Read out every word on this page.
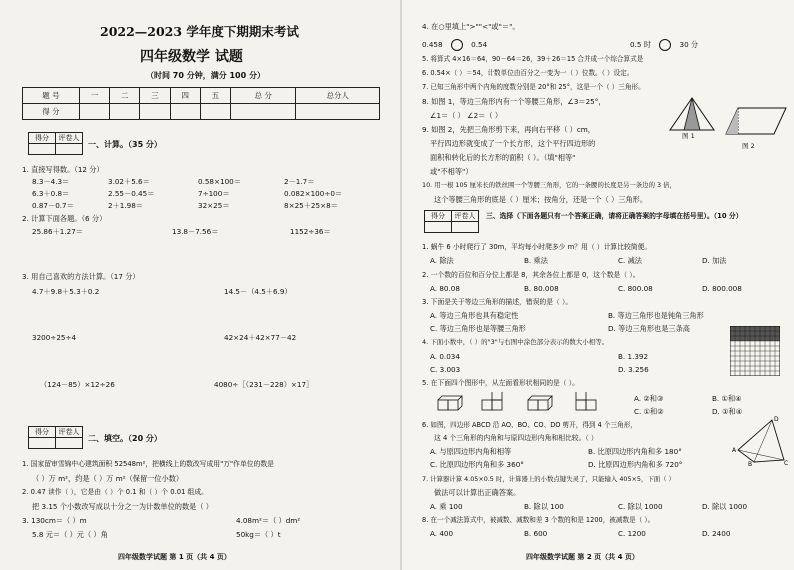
2022—2023 学年度下期期末考试
四年级数学 试题
（时间 70 分钟，满分 100 分）
题 号	一	二	三	四	五	总 分	总分人
得 分							
得分	评卷人

一、计算。（35 分）
1. 直接写得数。（12 分）
8.3－4.3＝	3.02＋5.6＝	0.58×100＝	2－1.7＝
6.3＋0.8＝	2.55－0.45＝	7÷100＝	0.082×100÷0＝
0.87－0.7＝	2＋1.98＝	32×25＝	8×25＋25×8＝
2. 计算下面各题。（6 分）
25.86＋1.27＝	13.8－7.56＝	1152÷36＝
3. 用自己喜欢的方法计算。（17 分）
4.7＋9.8＋5.3＋0.2	14.5－（4.5＋6.9）
3200÷25÷4	42×24＋42×77－42
（124－85）×12÷26	4080÷［（231－228）×17］
得分	评卷人

二、填空。（20 分）
1. 国家留审雪锦中心建筑面积 52548m²，把横线上的数改写成用"万"作单位的数是
（ ）万 m²，约是（ ）万 m²（保留一位小数）
2. 0.47 读作（ ），它是由（ ）个 0.1 和（ ）个 0.01 组成。
把 3.15 个小数改写成以十分之一为计数单位的数是（ ）
3. 130cm＝（ ）m	4.08m²＝（ ）dm²
5.8 元＝（ ）元（ ）角	50kg＝（ ）t
四年级数学试题 第 1 页（共 4 页）
4. 在○里填上">""<"或"＝"。
0.458	0.54	0.5 时	30 分
5. 将算式 4×16＝64，90－64＝26，39＋26＝15 合并成一个综合算式是
6. 0.54×（ ）＝54，计数单位由百分之一变为一（ ）位数。（ ）设定。
7. 已知三角形中两个内角的度数分别是 20°和 25°，这是一个（ ）三角形。
8. 如图 1，等边三角形内有一个等腰三角形，∠3＝25°，
∠1＝（ ） ∠2＝（ ）
9. 如图 2，先把三角形剪下来，再向右平移（ ）cm，
平行四边形就变成了一个长方形，这个平行四边形的
面积和转化后的长方形的面积（ ）。（填"相等"
或"不相等"）
图 1
图 2
10. 用一根 105 厘米长的铁丝围一个等腰三角形，它的一条腰的长度是另一条边的 3 倍，
这个等腰三角形的底是（ ）厘米；按角分，还是一个（ ）三角形。
得分	评卷人
	三、选择（下面各题只有一个答案正确，请将正确答案的字母填在括号里）。（10 分）
1. 蜗牛 6 小时爬行了 30m，平均每小时爬多少 m？用（ ）计算比较简便。
A. 除法	B. 乘法	C. 减法	D. 加法
2. 一个数的百位和百分位上都是 8，其余各位上都是 0，这个数是（ ）。
A. 80.08	B. 80.008	C. 800.08	D. 800.008
3. 下面是关于等边三角形的描述，错误的是（ ）。
A. 等边三角形也具有稳定性	B. 等边三角形也是钝角三角形
C. 等边三角形也是等腰三角形	D. 等边三角形也是三条高
4. 下面小数中，（ ）的"3"与右图中涂色部分表示的数大小相等。
A. 0.034	B. 1.392
C. 3.003	D. 3.256
5. 在下面四个图形中，从左面看形状相同的是（ ）。
A. ②和③	B. ①和④
C. ①和②	D. ①和④
6. 如图，四边形 ABCD 沿 AO、BO、CO、DO 剪开，得到 4 个三角形，
这 4 个三角形的内角和与原四边形内角和相比较。（ ）
A. 与原四边形内角和相等	B. 比原四边形内角和多 180°
C. 比原四边形内角和多 360°	D. 比原四边形内角和多 720°
A
D
C
B
7. 计算器计算 4.05×0.5 时，计算器上的小数点键失灵了，只能输入 405×5，下面（ ）
做法可以计算出正确答案。
A. 乘 100	B. 除以 100	C. 除以 1000	D. 除以 1000
8. 在一个减法算式中，被减数、减数和差 3 个数的和是 1200，被减数是（ ）。
A. 400	B. 600	C. 1200	D. 2400
四年级数学试题 第 2 页（共 4 页）
